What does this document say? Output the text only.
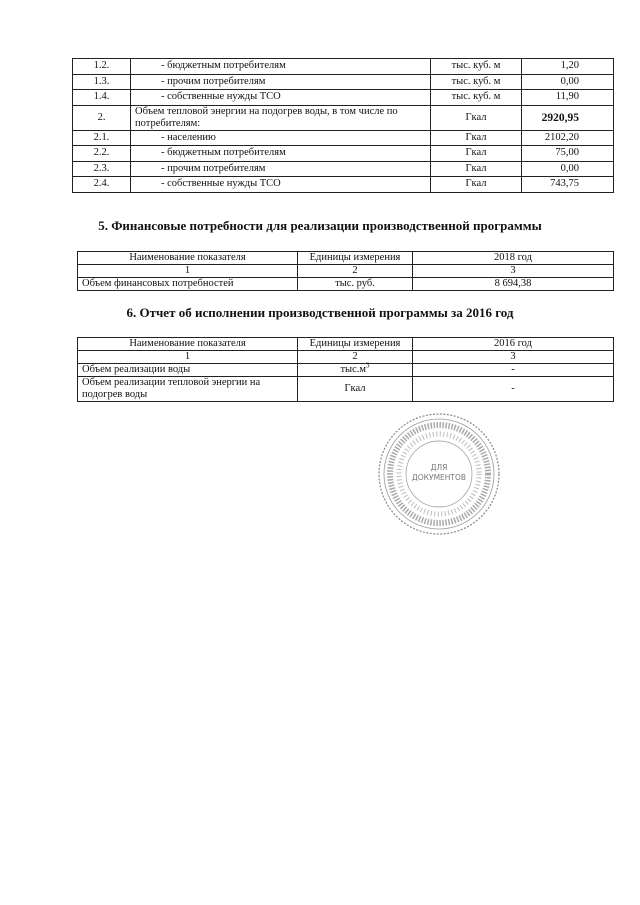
1.2.	- бюджетным потребителям	тыс. куб. м	1,20
1.3.	- прочим потребителям	тыс. куб. м	0,00
1.4.	- собственные нужды ТСО	тыс. куб. м	11,90
2.	Объем тепловой энергии на подогрев воды, в том числе по потребителям:	Гкал	2920,95
2.1.	- населению	Гкал	2102,20
2.2.	- бюджетным потребителям	Гкал	75,00
2.3.	- прочим потребителям	Гкал	0,00
2.4.	- собственные нужды ТСО	Гкал	743,75
5. Финансовые потребности для реализации производственной программы
Наименование показателя	Единицы измерения	2018 год
1	2	3
Объем финансовых потребностей	тыс. руб.	8 694,38
6. Отчет об исполнении производственной программы за 2016 год
Наименование показателя	Единицы измерения	2016 год
1	2	3
Объем реализации воды	$тыс.м^3$	-
Объем реализации тепловой энергии на подогрев воды	Гкал	-
ДЛЯ
ДОКУМЕНТОВ
